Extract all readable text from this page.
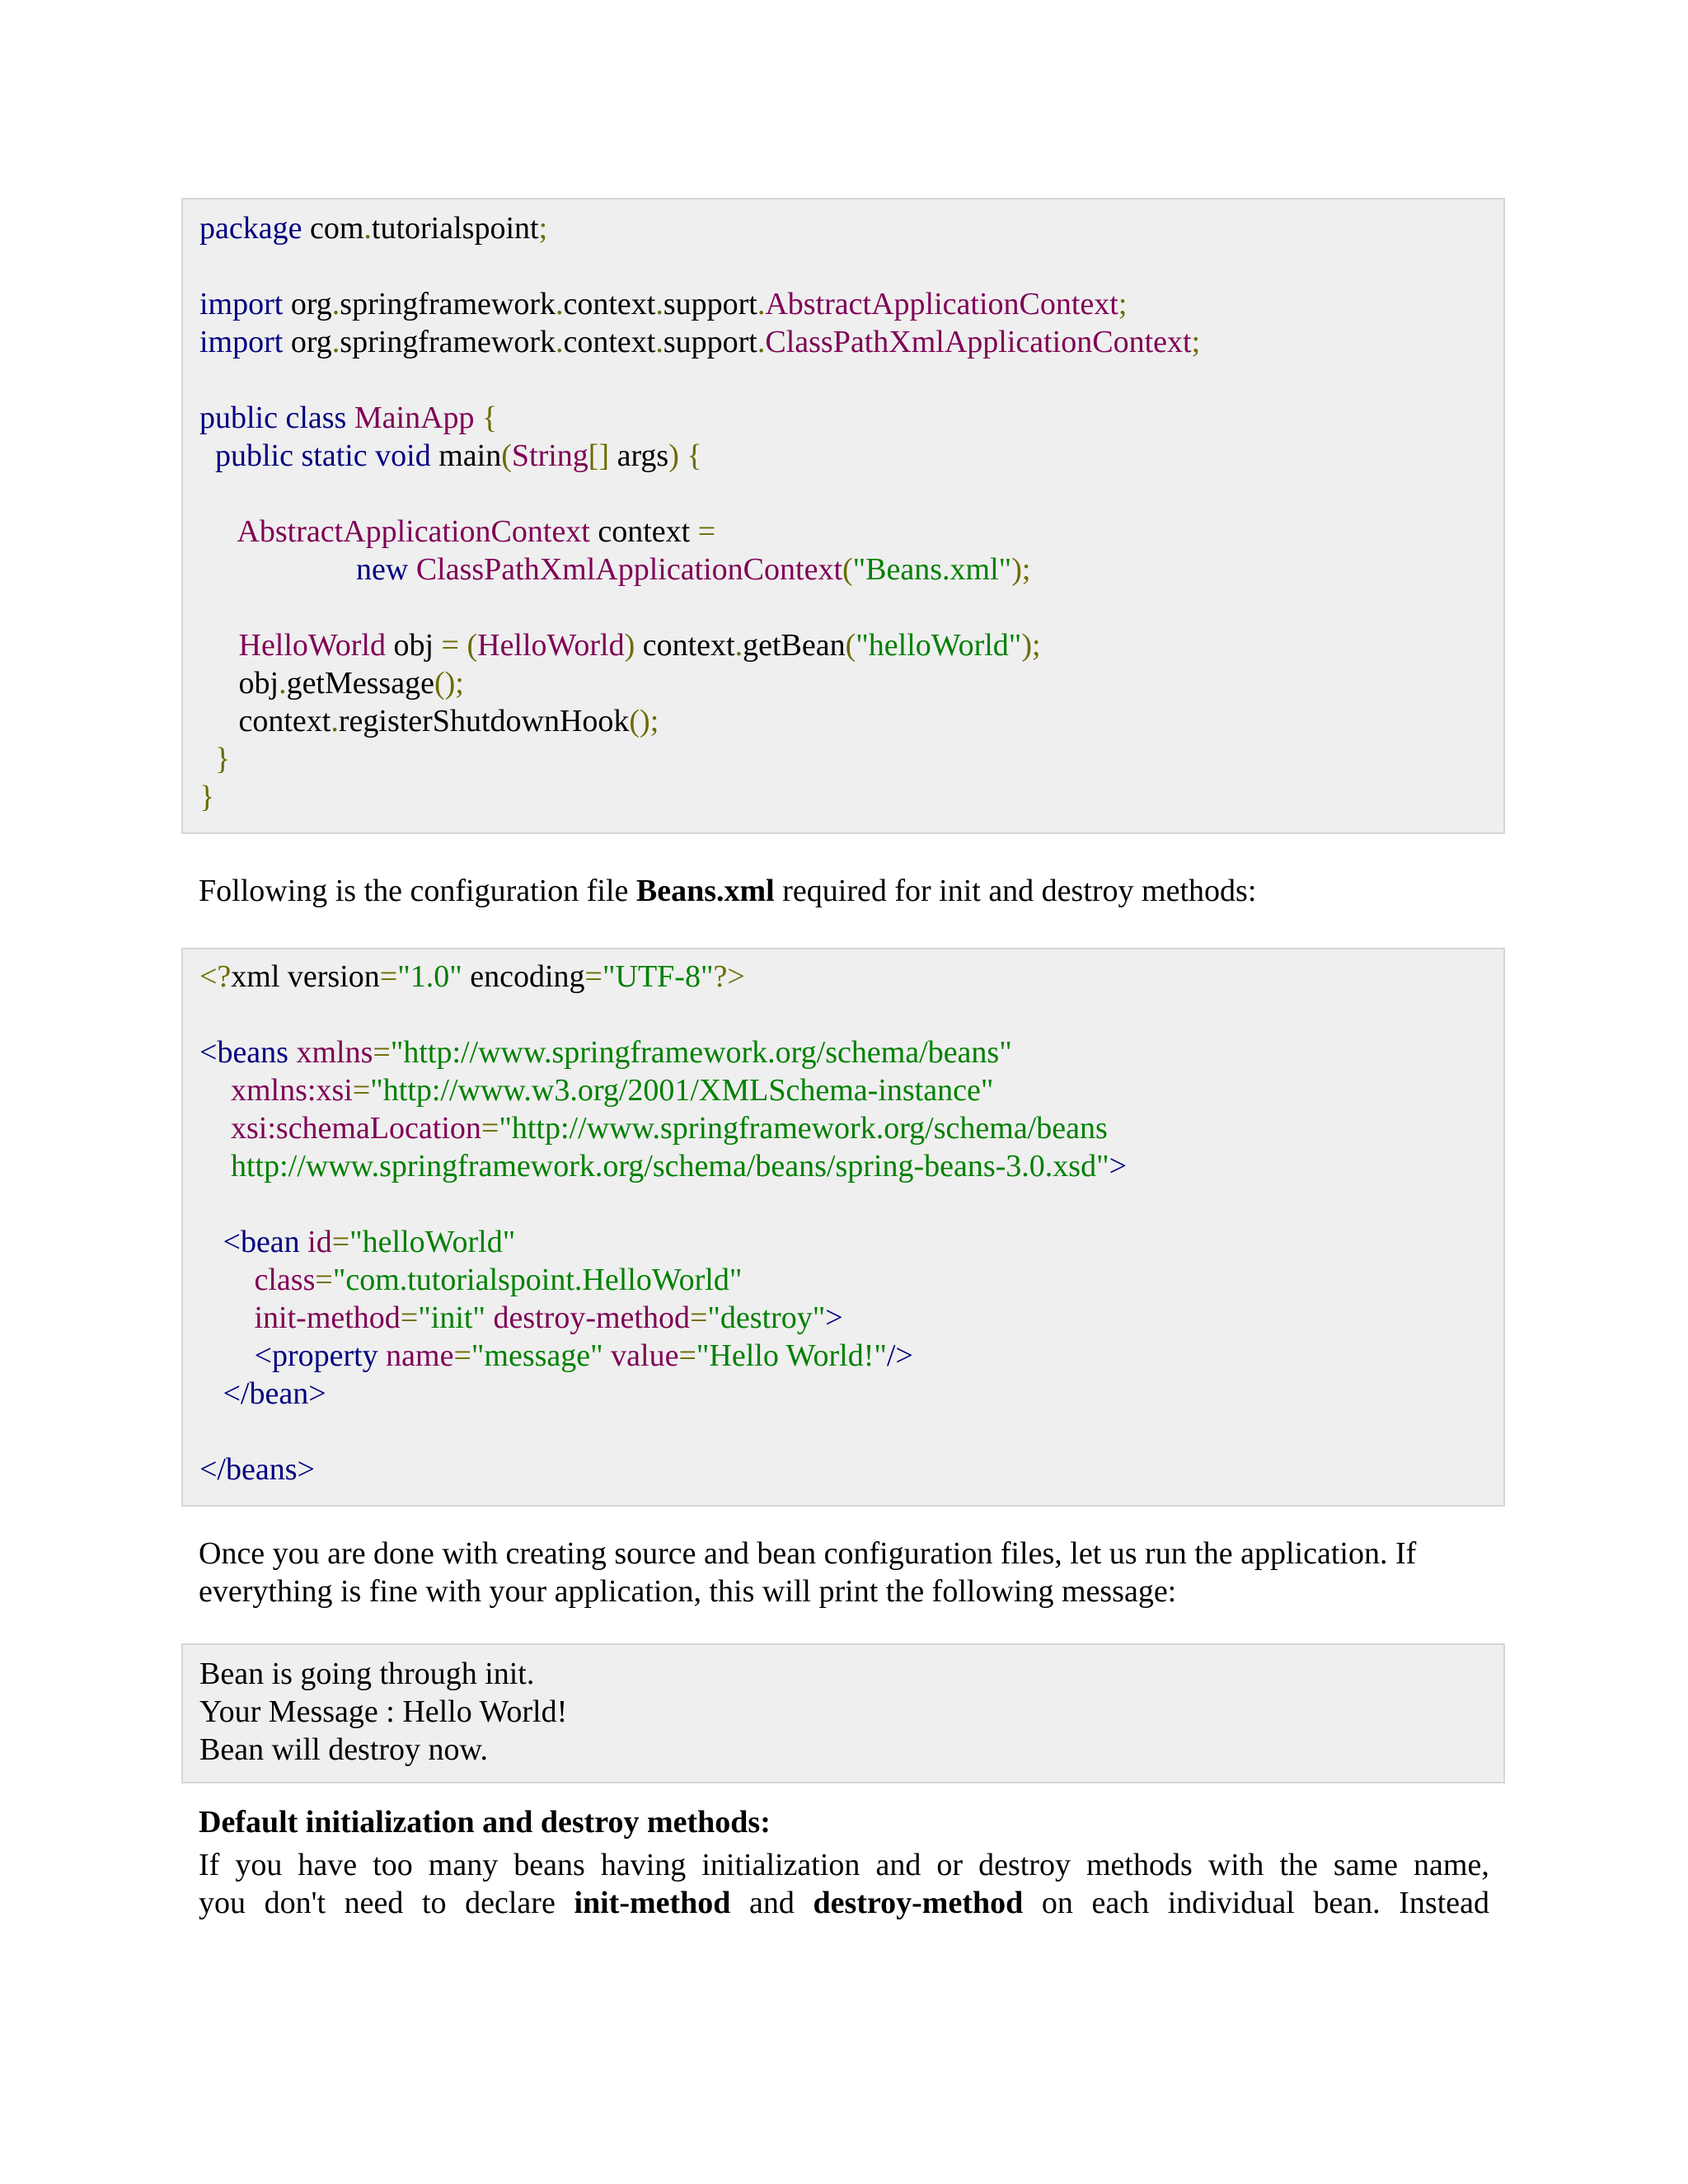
package com.tutorialspoint;
import org.springframework.context.support.AbstractApplicationContext;
import org.springframework.context.support.ClassPathXmlApplicationContext;
public class MainApp {
public static void main(String[] args) {
AbstractApplicationContext context =
new ClassPathXmlApplicationContext("Beans.xml");
HelloWorld obj = (HelloWorld) context.getBean("helloWorld");
obj.getMessage();
context.registerShutdownHook();
}
}
Following is the configuration file Beans.xml required for init and destroy methods:
<?xml version="1.0" encoding="UTF-8"?>
<beans xmlns="http://www.springframework.org/schema/beans"
xmlns:xsi="http://www.w3.org/2001/XMLSchema-instance"
xsi:schemaLocation="http://www.springframework.org/schema/beans
http://www.springframework.org/schema/beans/spring-beans-3.0.xsd">
<bean id="helloWorld"
class="com.tutorialspoint.HelloWorld"
init-method="init" destroy-method="destroy">
<property name="message" value="Hello World!"/>
</bean>
</beans>
Once you are done with creating source and bean configuration files, let us run the application. If
everything is fine with your application, this will print the following message:
Bean is going through init.
Your Message : Hello World!
Bean will destroy now.
Default initialization and destroy methods:
If you have too many beans having initialization and or destroy methods with the same name,
you don't need to declare init-method and destroy-method on each individual bean. Instead
